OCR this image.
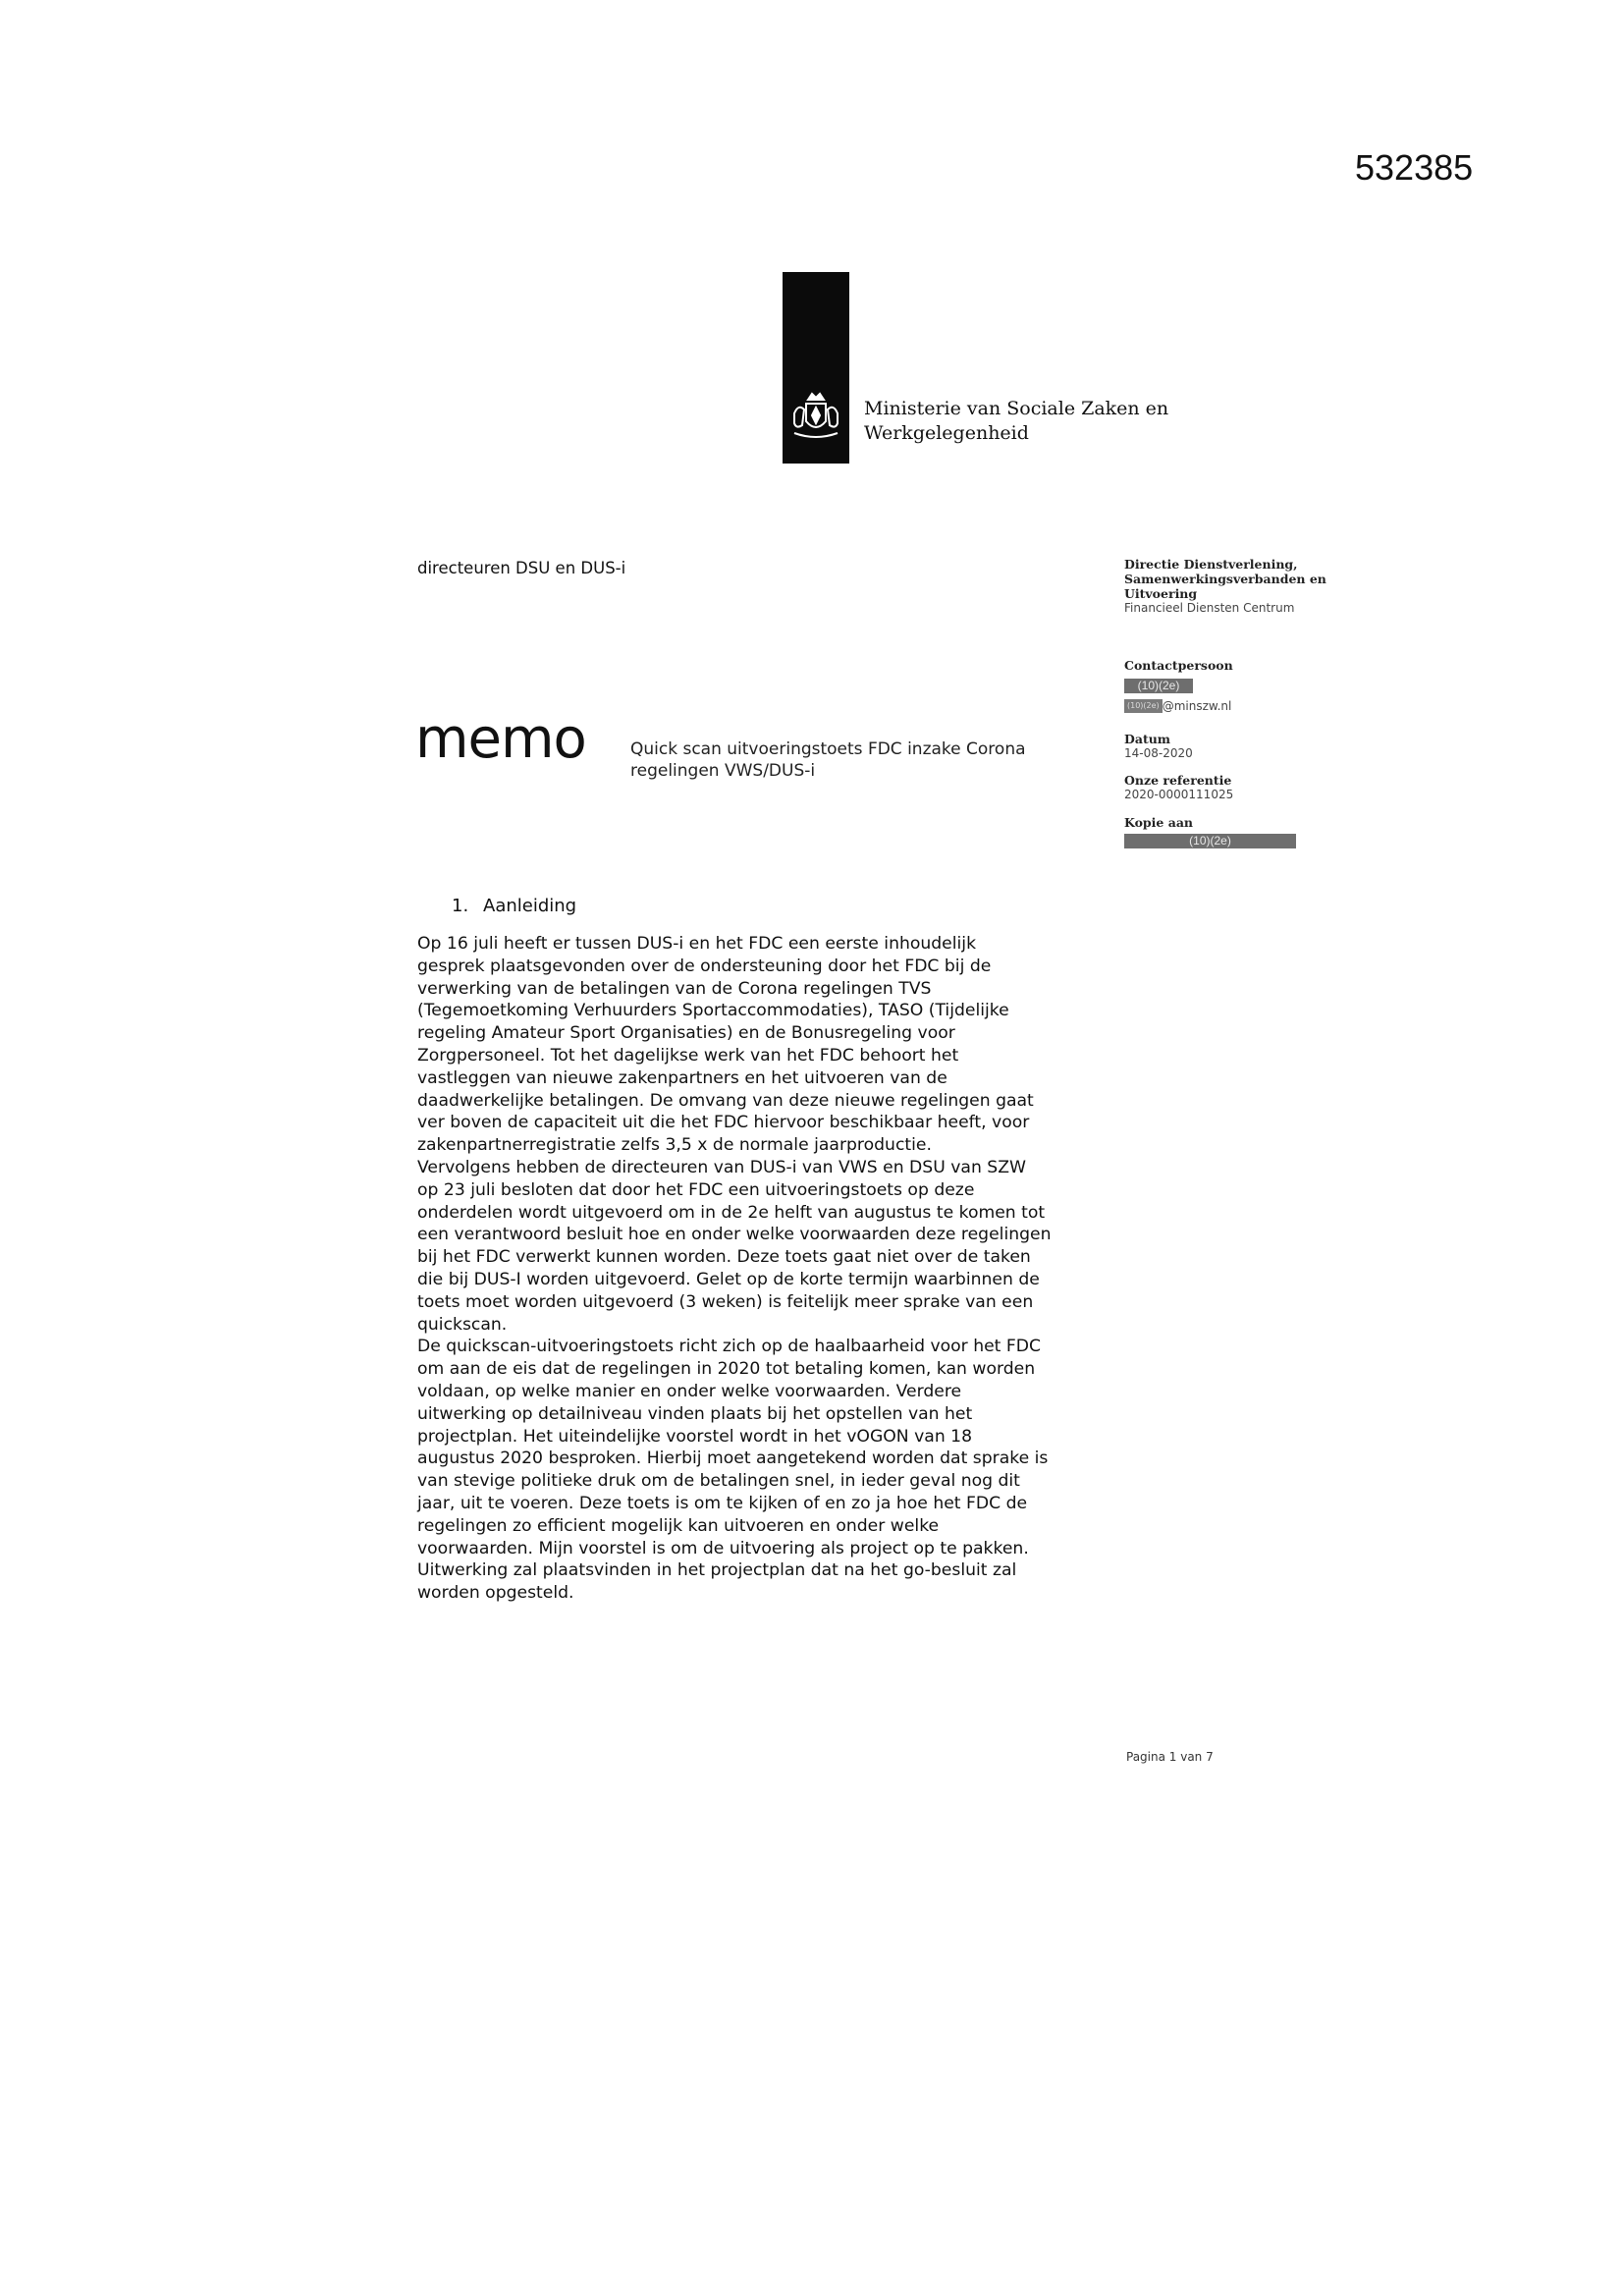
532385
Ministerie van Sociale Zaken en
Werkgelegenheid
directeuren DSU en DUS-i
memo	Quick scan uitvoeringstoets FDC inzake Corona
regelingen VWS/DUS-i
Directie Dienstverlening,
Samenwerkingsverbanden en
Uitvoering
Financieel Diensten Centrum
Contactpersoon
(10)(2e)
(10)(2e) @minszw.nl
Datum
14-08-2020
Onze referentie
2020-0000111025
Kopie aan
(10)(2e)
1. Aanleiding

Op 16 juli heeft er tussen DUS-i en het FDC een eerste inhoudelijk
gesprek plaatsgevonden over de ondersteuning door het FDC bij de
verwerking van de betalingen van de Corona regelingen TVS
(Tegemoetkoming Verhuurders Sportaccommodaties), TASO (Tijdelijke
regeling Amateur Sport Organisaties) en de Bonusregeling voor
Zorgpersoneel. Tot het dagelijkse werk van het FDC behoort het
vastleggen van nieuwe zakenpartners en het uitvoeren van de
daadwerkelijke betalingen. De omvang van deze nieuwe regelingen gaat
ver boven de capaciteit uit die het FDC hiervoor beschikbaar heeft, voor
zakenpartnerregistratie zelfs 3,5 x de normale jaarproductie.

Vervolgens hebben de directeuren van DUS-i van VWS en DSU van SZW
op 23 juli besloten dat door het FDC een uitvoeringstoets op deze
onderdelen wordt uitgevoerd om in de 2e helft van augustus te komen tot
een verantwoord besluit hoe en onder welke voorwaarden deze regelingen
bij het FDC verwerkt kunnen worden. Deze toets gaat niet over de taken
die bij DUS-I worden uitgevoerd. Gelet op de korte termijn waarbinnen de
toets moet worden uitgevoerd (3 weken) is feitelijk meer sprake van een
quickscan.

De quickscan-uitvoeringstoets richt zich op de haalbaarheid voor het FDC
om aan de eis dat de regelingen in 2020 tot betaling komen, kan worden
voldaan, op welke manier en onder welke voorwaarden. Verdere
uitwerking op detailniveau vinden plaats bij het opstellen van het
projectplan. Het uiteindelijke voorstel wordt in het vOGON van 18
augustus 2020 besproken. Hierbij moet aangetekend worden dat sprake is
van stevige politieke druk om de betalingen snel, in ieder geval nog dit
jaar, uit te voeren. Deze toets is om te kijken of en zo ja hoe het FDC de
regelingen zo efficient mogelijk kan uitvoeren en onder welke
voorwaarden. Mijn voorstel is om de uitvoering als project op te pakken.
Uitwerking zal plaatsvinden in het projectplan dat na het go-besluit zal
worden opgesteld.

Pagina 1 van 7
